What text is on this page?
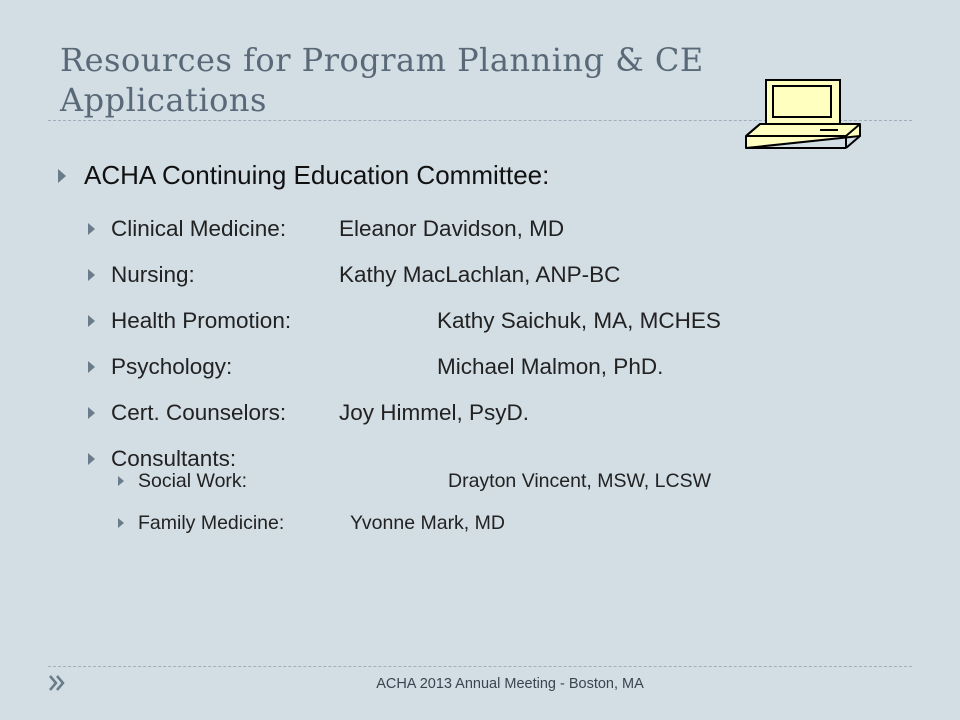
Resources for Program Planning & CE Applications
ACHA Continuing Education Committee:
Clinical Medicine:	Eleanor Davidson, MD
Nursing:	Kathy MacLachlan, ANP-BC
Health Promotion:	Kathy Saichuk, MA, MCHES
Psychology:	Michael Malmon, PhD.
Cert. Counselors:	Joy Himmel, PsyD.
Consultants:
Social Work:	Drayton Vincent, MSW, LCSW
Family Medicine:	Yvonne Mark, MD
ACHA 2013 Annual Meeting - Boston, MA
